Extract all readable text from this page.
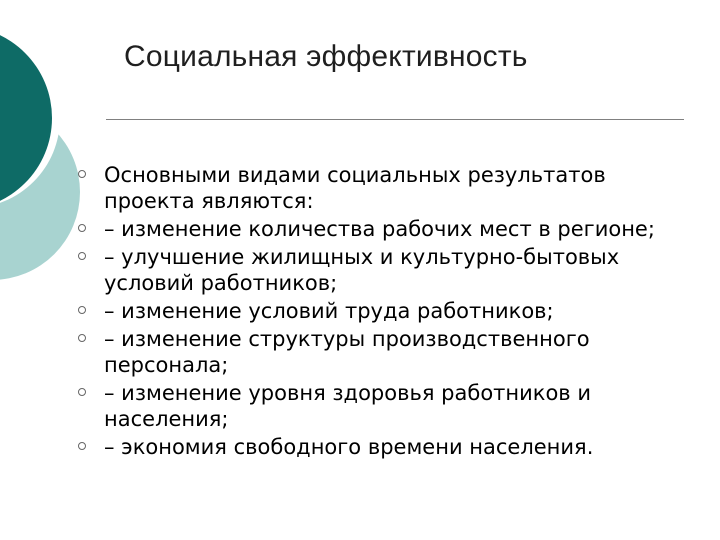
Социальная эффективность
Основными видами социальных результатов проекта являются:
– изменение количества рабочих мест в регионе;
– улучшение жилищных и культурно-бытовых условий работников;
– изменение условий труда работников;
– изменение структуры производственного персонала;
– изменение уровня здоровья работников и населения;
– экономия свободного времени населения.
